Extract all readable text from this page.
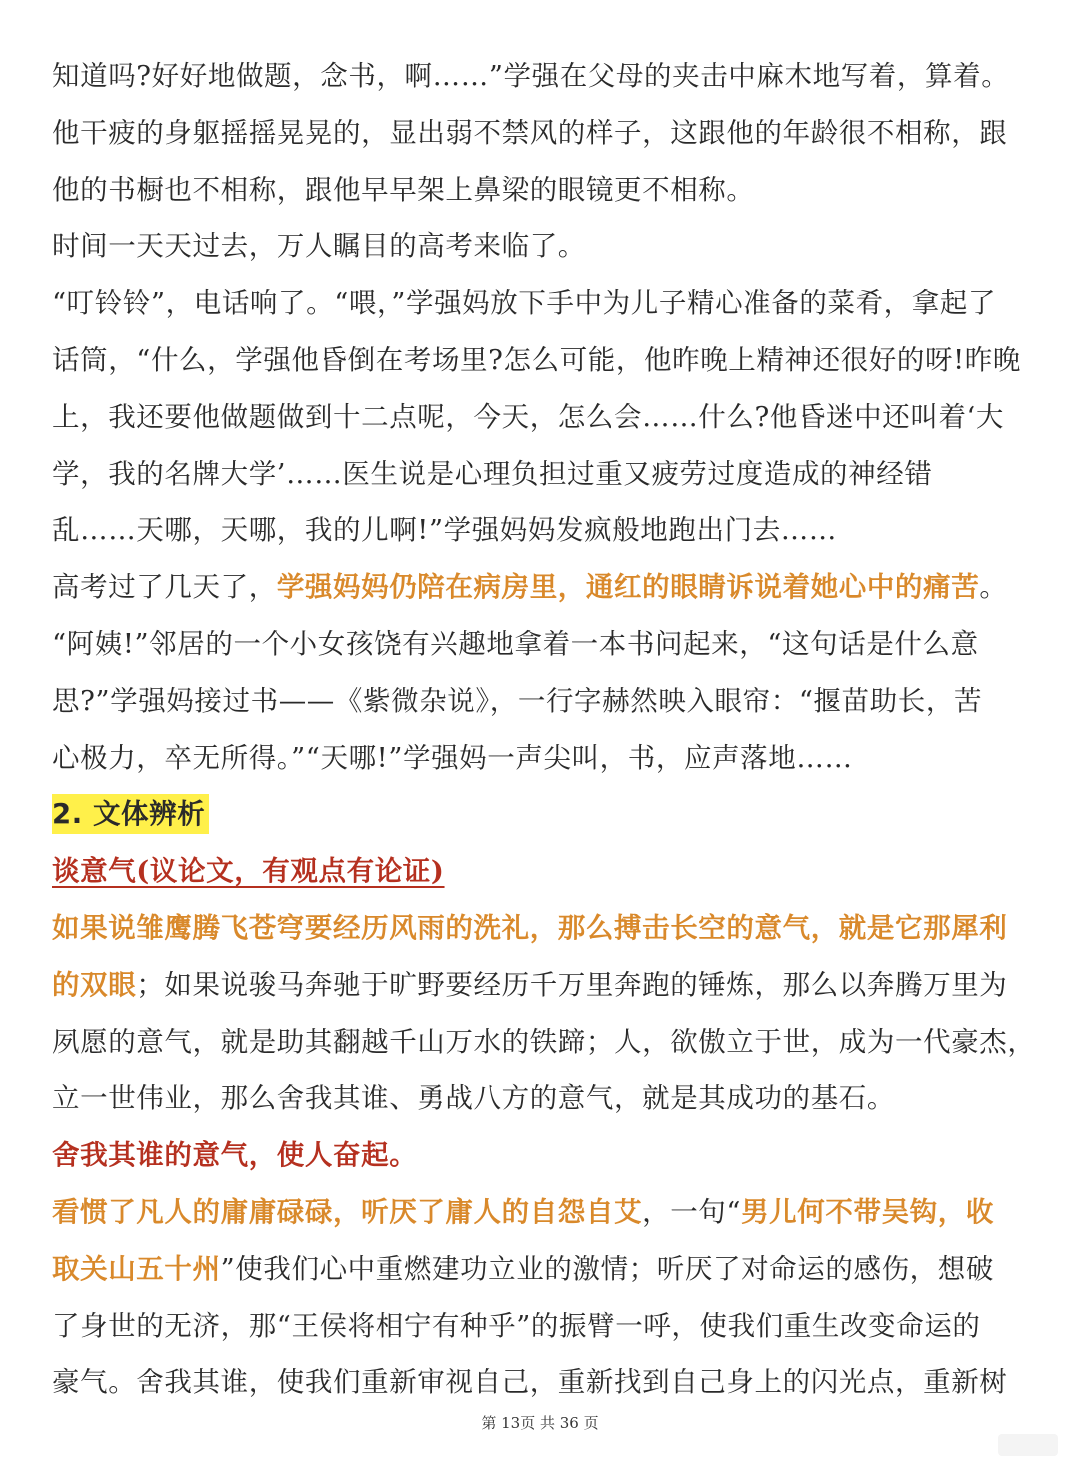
知道吗?好好地做题，念书，啊……”学强在父母的夹击中麻木地写着，算着。
他干疲的身躯摇摇晃晃的，显出弱不禁风的样子，这跟他的年龄很不相称，跟
他的书橱也不相称，跟他早早架上鼻梁的眼镜更不相称。
时间一天天过去，万人瞩目的高考来临了。
“叮铃铃”，电话响了。“喂，”学强妈放下手中为儿子精心准备的菜肴，拿起了
话筒，“什么，学强他昏倒在考场里?怎么可能，他昨晚上精神还很好的呀!昨晚
上，我还要他做题做到十二点呢，今天，怎么会……什么?他昏迷中还叫着‘大
学，我的名牌大学’……医生说是心理负担过重又疲劳过度造成的神经错
乱……天哪，天哪，我的儿啊!”学强妈妈发疯般地跑出门去……
高考过了几天了，学强妈妈仍陪在病房里，通红的眼睛诉说着她心中的痛苦。
“阿姨!”邻居的一个小女孩饶有兴趣地拿着一本书问起来，“这句话是什么意
思?”学强妈接过书——《紫微杂说》，一行字赫然映入眼帘：“揠苗助长，苦
心极力，卒无所得。”“天哪!”学强妈一声尖叫，书，应声落地……
2. 文体辨析
谈意气(议论文，有观点有论证)
如果说雏鹰腾飞苍穹要经历风雨的洗礼，那么搏击长空的意气，就是它那犀利
的双眼；如果说骏马奔驰于旷野要经历千万里奔跑的锤炼，那么以奔腾万里为
夙愿的意气，就是助其翻越千山万水的铁蹄；人，欲傲立于世，成为一代豪杰，
立一世伟业，那么舍我其谁、勇战八方的意气，就是其成功的基石。
舍我其谁的意气，使人奋起。
看惯了凡人的庸庸碌碌，听厌了庸人的自怨自艾，一句“男儿何不带吴钩，收
取关山五十州”使我们心中重燃建功立业的激情；听厌了对命运的感伤，想破
了身世的无济，那“王侯将相宁有种乎”的振臂一呼，使我们重生改变命运的
豪气。舍我其谁，使我们重新审视自己，重新找到自己身上的闪光点，重新树
第 13页 共 36 页
